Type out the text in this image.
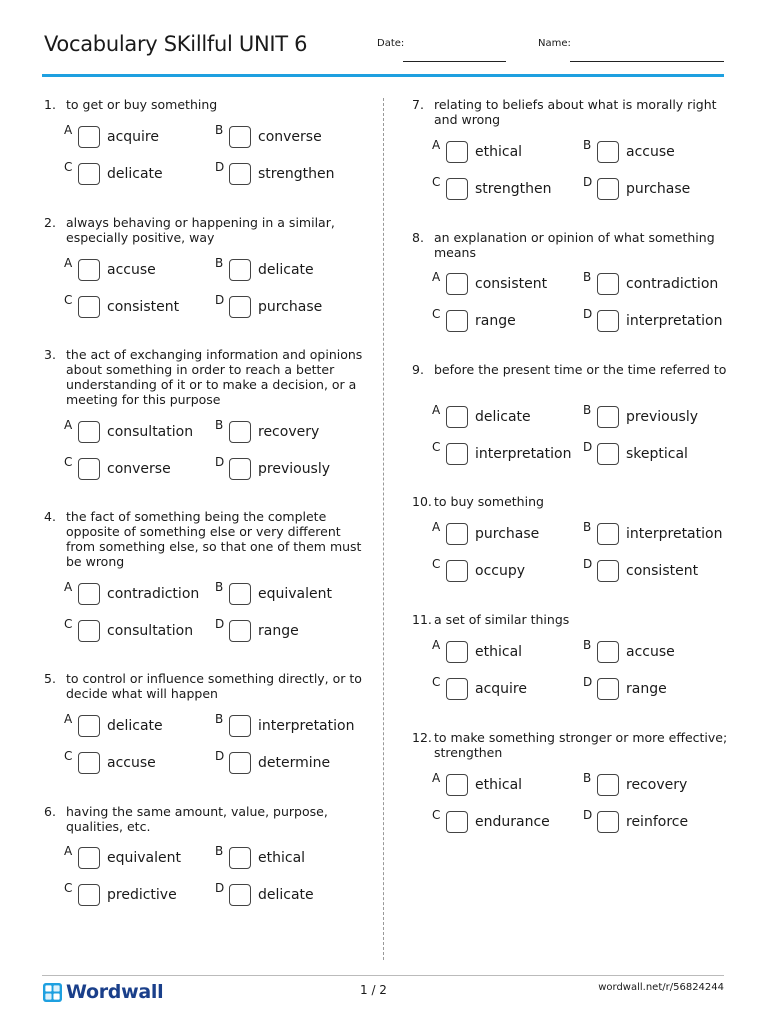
Vocabulary SKillful UNIT 6	Date:	Name:
1. to get or buy something
A acquire	B converse
C delicate	D strengthen
2. always behaving or happening in a similar, especially positive, way
A accuse	B delicate
C consistent	D purchase
3. the act of exchanging information and opinions about something in order to reach a better understanding of it or to make a decision, or a meeting for this purpose
A consultation B recovery
C converse	D previously
4. the fact of something being the complete opposite of something else or very different from something else, so that one of them must be wrong
A contradiction B equivalent
C consultation D range
5. to control or influence something directly, or to decide what will happen
A delicate	B interpretation
C accuse	D determine
6. having the same amount, value, purpose, qualities, etc.
A equivalent	B ethical
C predictive	D delicate
7. relating to beliefs about what is morally right and wrong
A ethical	B accuse
C strengthen	D purchase
8. an explanation or opinion of what something means
A consistent	B contradiction
C range	D interpretation
9. before the present time or the time referred to
A delicate	B previously
C interpretation D skeptical
10. to buy something
A purchase	B interpretation
C occupy	D consistent
11. a set of similar things
A ethical	B accuse
C acquire	D range
12. to make something stronger or more effective; strengthen
A ethical	B recovery
C endurance	D reinforce
Wordwall	1 / 2	wordwall.net/r/56824244
